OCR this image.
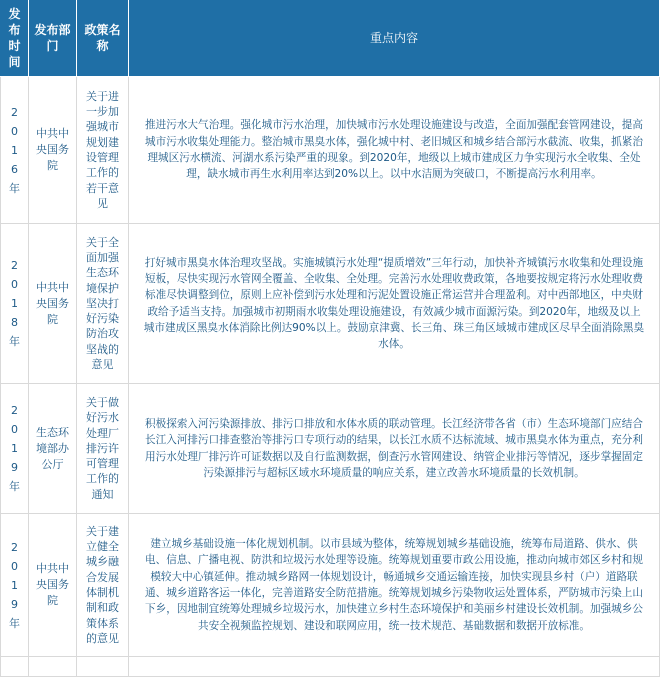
发布时间
发布部门
政策名称
重点内容
2016年
中共中央国务院
关于进一步加强城市规划建设管理工作的若干意见
推进污水大气治理。强化城市污水治理，加快城市污水处理设施建设与改造，全面加强配套管网建设，提高城市污水收集处理能力。整治城市黑臭水体，强化城中村、老旧城区和城乡结合部污水截流、收集，抓紧治理城区污水横流、河湖水系污染严重的现象。到2020年，地级以上城市建成区力争实现污水全收集、全处理，缺水城市再生水利用率达到20%以上。以中水洁厕为突破口，不断提高污水利用率。
2018年
中共中央国务院
关于全面加强生态环境保护坚决打好污染防治攻坚战的意见
打好城市黑臭水体治理攻坚战。实施城镇污水处理“提质增效”三年行动，加快补齐城镇污水收集和处理设施短板，尽快实现污水管网全覆盖、全收集、全处理。完善污水处理收费政策，各地要按规定将污水处理收费标准尽快调整到位，原则上应补偿到污水处理和污泥处置设施正常运营并合理盈利。对中西部地区，中央财政给予适当支持。加强城市初期雨水收集处理设施建设，有效减少城市面源污染。到2020年，地级及以上城市建成区黑臭水体消除比例达90%以上。鼓励京津冀、长三角、珠三角区域城市建成区尽早全面消除黑臭水体。
2019年
生态环境部办公厅
关于做好污水处理厂排污许可管理工作的通知
积极探索入河污染源排放、排污口排放和水体水质的联动管理。长江经济带各省（市）生态环境部门应结合长江入河排污口排查整治等排污口专项行动的结果，以长江水质不达标流域、城市黑臭水体为重点，充分利用污水处理厂排污许可证数据以及自行监测数据，倒查污水管网建设、纳管企业排污等情况，逐步掌握固定污染源排污与超标区域水环境质量的响应关系，建立改善水环境质量的长效机制。
2019年
中共中央国务院
关于建立健全城乡融合发展体制机制和政策体系的意见
建立城乡基础设施一体化规划机制。以市县域为整体，统筹规划城乡基础设施，统筹布局道路、供水、供电、信息、广播电视、防洪和垃圾污水处理等设施。统筹规划重要市政公用设施，推动向城市郊区乡村和规模较大中心镇延伸。推动城乡路网一体规划设计，畅通城乡交通运输连接，加快实现县乡村（户）道路联通、城乡道路客运一体化，完善道路安全防范措施。统筹规划城乡污染物收运处置体系，严防城市污染上山下乡，因地制宜统筹处理城乡垃圾污水，加快建立乡村生态环境保护和美丽乡村建设长效机制。加强城乡公共安全视频监控规划、建设和联网应用，统一技术规范、基础数据和数据开放标准。
